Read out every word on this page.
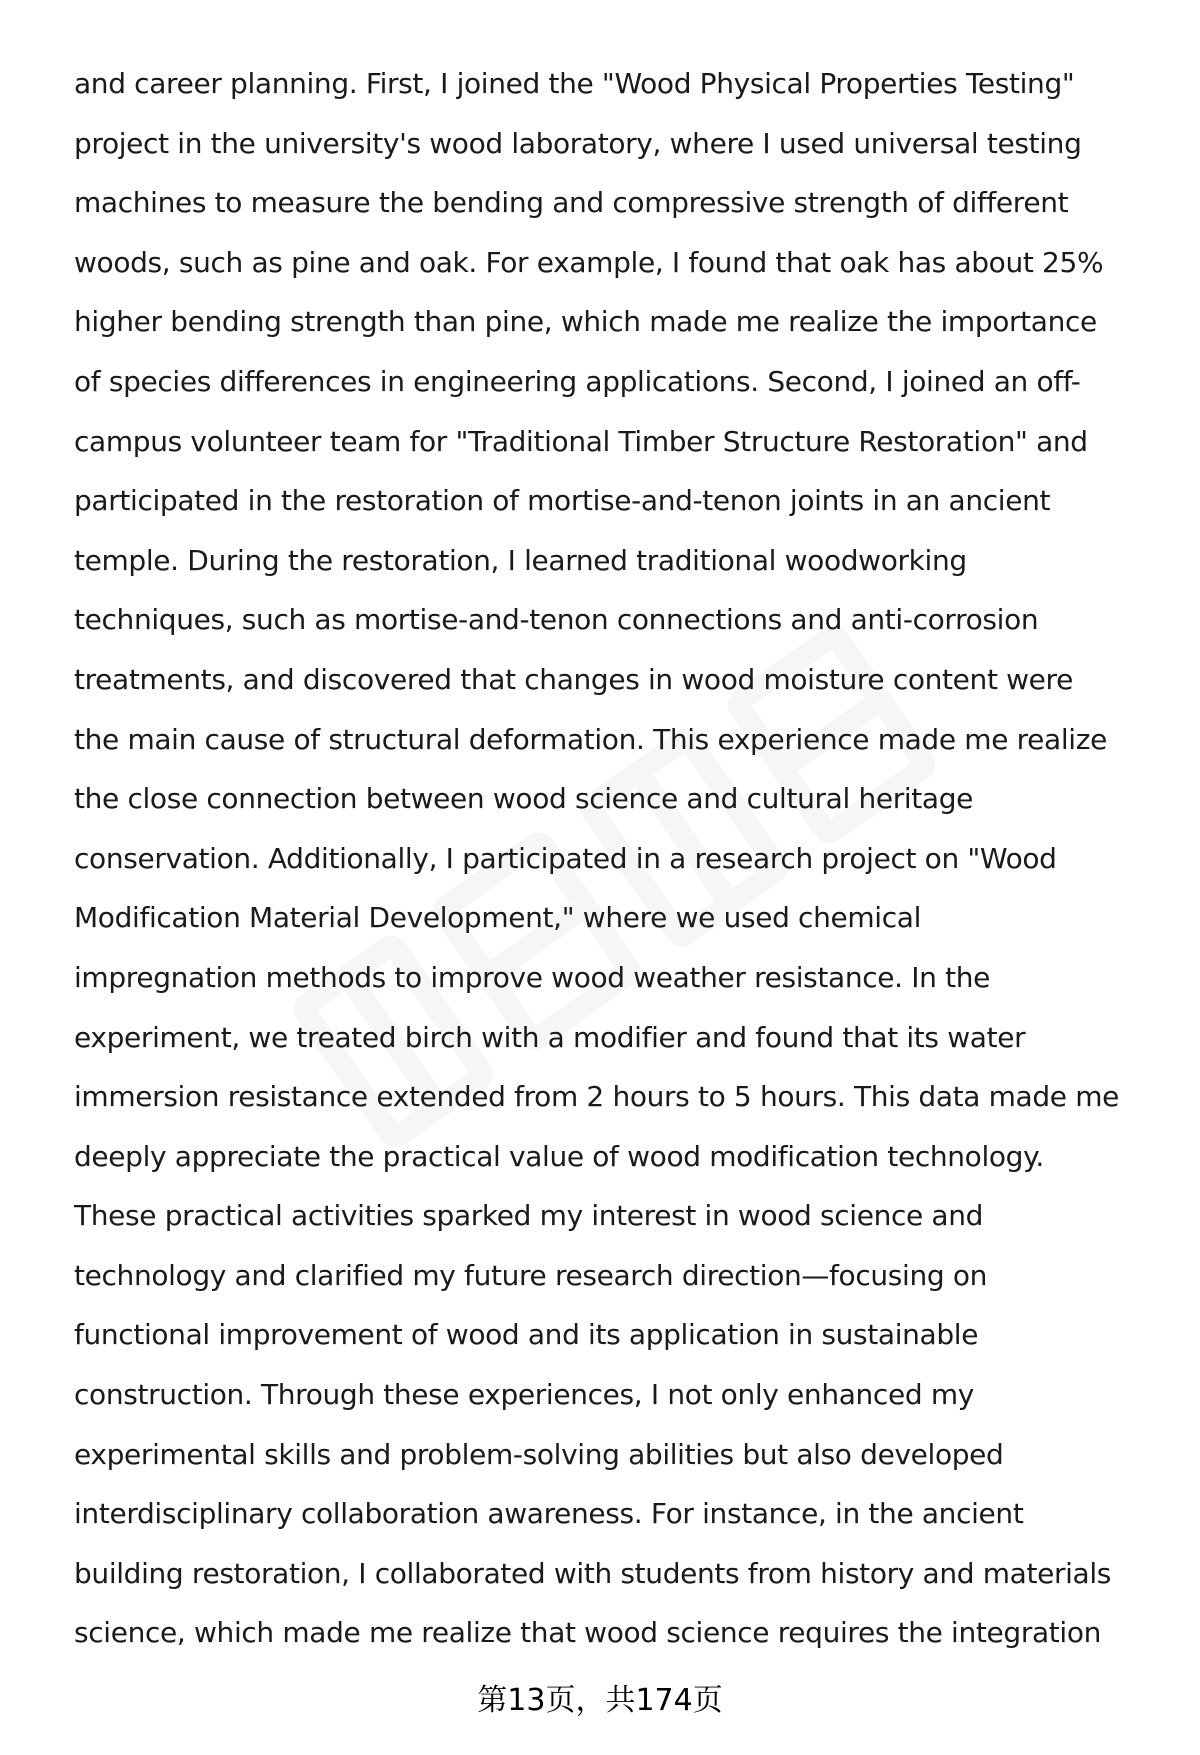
and career planning. First, I joined the "Wood Physical Properties Testing"
project in the university's wood laboratory, where I used universal testing
machines to measure the bending and compressive strength of different
woods, such as pine and oak. For example, I found that oak has about 25%
higher bending strength than pine, which made me realize the importance
of species differences in engineering applications. Second, I joined an off-
campus volunteer team for "Traditional Timber Structure Restoration" and
participated in the restoration of mortise-and-tenon joints in an ancient
temple. During the restoration, I learned traditional woodworking
techniques, such as mortise-and-tenon connections and anti-corrosion
treatments, and discovered that changes in wood moisture content were
the main cause of structural deformation. This experience made me realize
the close connection between wood science and cultural heritage
conservation. Additionally, I participated in a research project on "Wood
Modification Material Development," where we used chemical
impregnation methods to improve wood weather resistance. In the
experiment, we treated birch with a modifier and found that its water
immersion resistance extended from 2 hours to 5 hours. This data made me
deeply appreciate the practical value of wood modification technology.
These practical activities sparked my interest in wood science and
technology and clarified my future research direction—focusing on
functional improvement of wood and its application in sustainable
construction. Through these experiences, I not only enhanced my
experimental skills and problem-solving abilities but also developed
interdisciplinary collaboration awareness. For instance, in the ancient
building restoration, I collaborated with students from history and materials
science, which made me realize that wood science requires the integration
第13页，共174页
